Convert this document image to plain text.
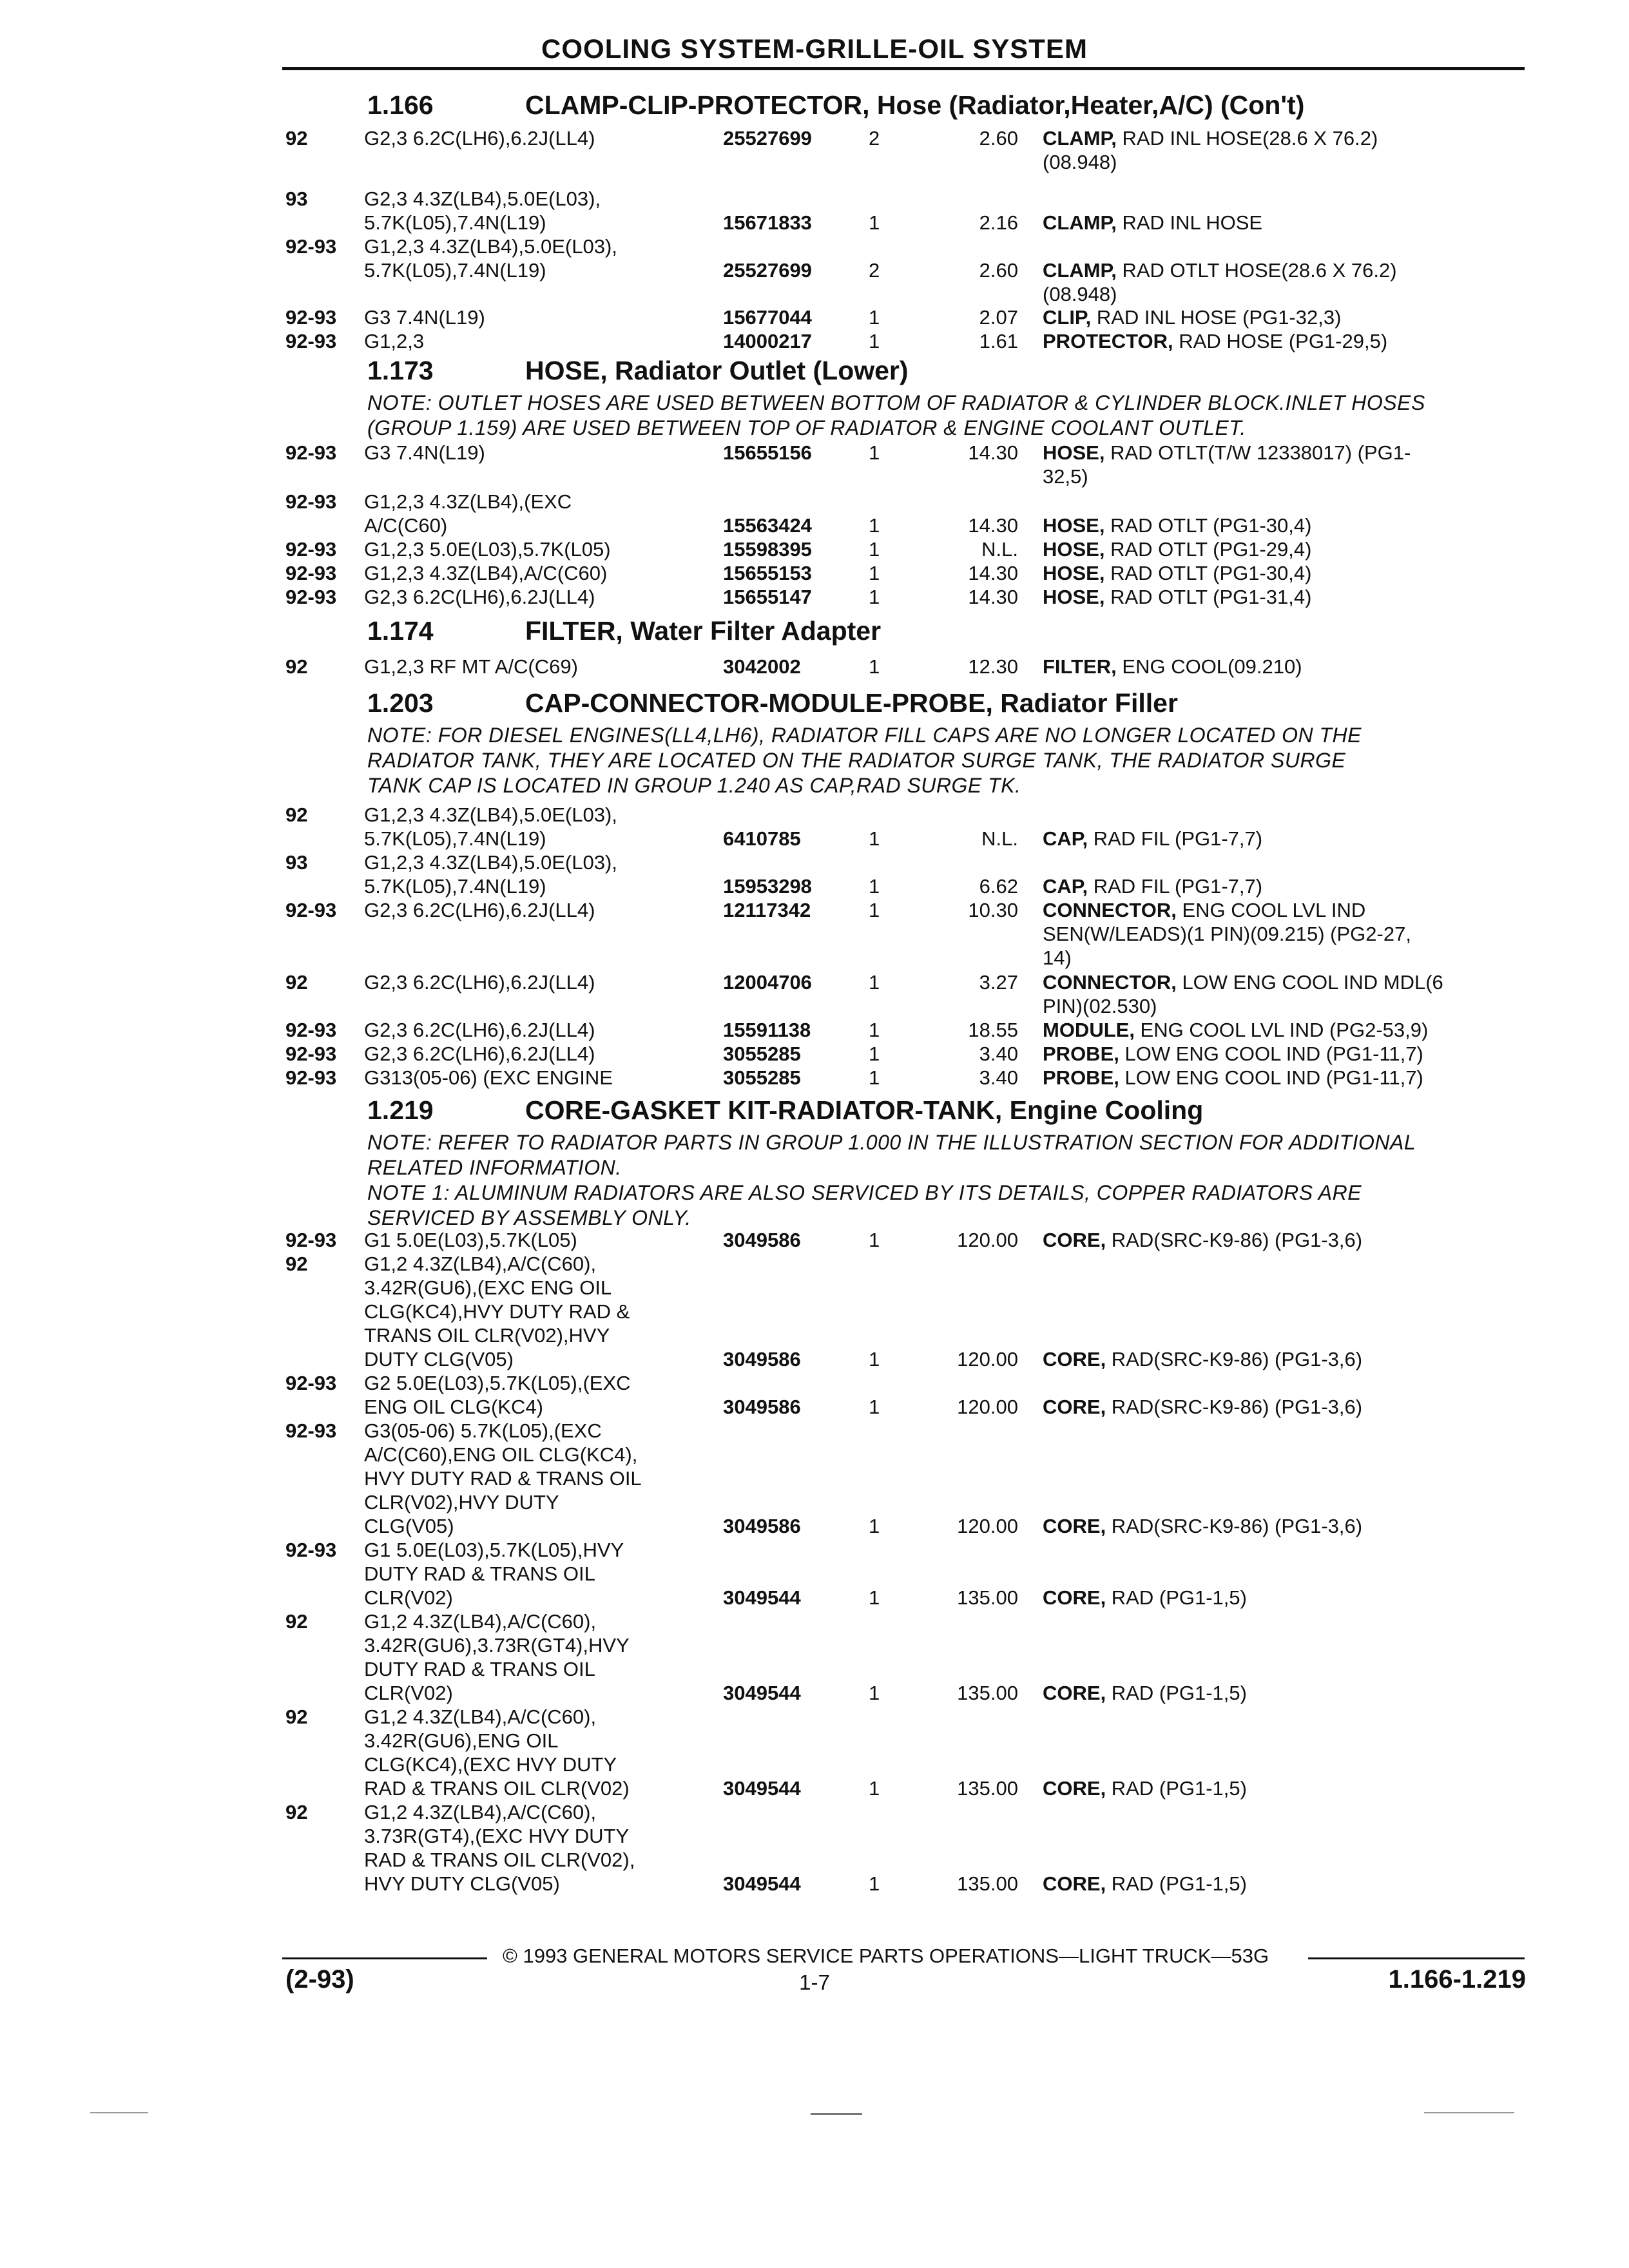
COOLING SYSTEM-GRILLE-OIL SYSTEM
1.166	CLAMP-CLIP-PROTECTOR, Hose (Radiator,Heater,A/C) (Con't)
92	G2,3 6.2C(LH6),6.2J(LL4)	25527699	2	2.60 CLAMP, RAD INL HOSE(28.6 X 76.2)
(08.948)
93	G2,3 4.3Z(LB4),5.0E(L03),
5.7K(L05),7.4N(L19)	15671833	1	2.16 CLAMP, RAD INL HOSE
92-93	G1,2,3 4.3Z(LB4),5.0E(L03),
5.7K(L05),7.4N(L19)	25527699	2	2.60 CLAMP, RAD OTLT HOSE(28.6 X 76.2)
(08.948)
92-93	G3 7.4N(L19)	15677044	1	2.07 CLIP, RAD INL HOSE (PG1-32,3)
92-93	G1,2,3	14000217	1	1.61 PROTECTOR, RAD HOSE (PG1-29,5)
1.173	HOSE, Radiator Outlet (Lower)
NOTE: OUTLET HOSES ARE USED BETWEEN BOTTOM OF RADIATOR & CYLINDER BLOCK.INLET HOSES
(GROUP 1.159) ARE USED BETWEEN TOP OF RADIATOR & ENGINE COOLANT OUTLET.
92-93	G3 7.4N(L19)	15655156	1	14.30 HOSE, RAD OTLT(T/W 12338017) (PG1-
32,5)
92-93	G1,2,3 4.3Z(LB4),(EXC
A/C(C60)	15563424	1	14.30 HOSE, RAD OTLT (PG1-30,4)
92-93	G1,2,3 5.0E(L03),5.7K(L05)	15598395	1	N.L. HOSE, RAD OTLT (PG1-29,4)
92-93	G1,2,3 4.3Z(LB4),A/C(C60)	15655153	1	14.30 HOSE, RAD OTLT (PG1-30,4)
92-93	G2,3 6.2C(LH6),6.2J(LL4)	15655147	1	14.30 HOSE, RAD OTLT (PG1-31,4)
1.174	FILTER, Water Filter Adapter
92	G1,2,3 RF MT A/C(C69)	3042002	1	12.30 FILTER, ENG COOL(09.210)
1.203	CAP-CONNECTOR-MODULE-PROBE, Radiator Filler
NOTE: FOR DIESEL ENGINES(LL4,LH6), RADIATOR FILL CAPS ARE NO LONGER LOCATED ON THE
RADIATOR TANK, THEY ARE LOCATED ON THE RADIATOR SURGE TANK, THE RADIATOR SURGE
TANK CAP IS LOCATED IN GROUP 1.240 AS CAP,RAD SURGE TK.
92	G1,2,3 4.3Z(LB4),5.0E(L03),
5.7K(L05),7.4N(L19)	6410785	1	N.L. CAP, RAD FIL (PG1-7,7)
93	G1,2,3 4.3Z(LB4),5.0E(L03),
5.7K(L05),7.4N(L19)	15953298	1	6.62 CAP, RAD FIL (PG1-7,7)
92-93	G2,3 6.2C(LH6),6.2J(LL4)	12117342	1	10.30 CONNECTOR, ENG COOL LVL IND
SEN(W/LEADS)(1 PIN)(09.215) (PG2-27,
14)
92	G2,3 6.2C(LH6),6.2J(LL4)	12004706	1	3.27 CONNECTOR, LOW ENG COOL IND MDL(6
PIN)(02.530)
92-93	G2,3 6.2C(LH6),6.2J(LL4)	15591138	1	18.55 MODULE, ENG COOL LVL IND (PG2-53,9)
92-93	G2,3 6.2C(LH6),6.2J(LL4)	3055285	1	3.40 PROBE, LOW ENG COOL IND (PG1-11,7)
92-93	G313(05-06) (EXC ENGINE	3055285	1	3.40 PROBE, LOW ENG COOL IND (PG1-11,7)
1.219	CORE-GASKET KIT-RADIATOR-TANK, Engine Cooling
NOTE: REFER TO RADIATOR PARTS IN GROUP 1.000 IN THE ILLUSTRATION SECTION FOR ADDITIONAL
RELATED INFORMATION.
NOTE 1: ALUMINUM RADIATORS ARE ALSO SERVICED BY ITS DETAILS, COPPER RADIATORS ARE
SERVICED BY ASSEMBLY ONLY.
92-93	G1 5.0E(L03),5.7K(L05)	3049586	1	120.00 CORE, RAD(SRC-K9-86) (PG1-3,6)
92	G1,2 4.3Z(LB4),A/C(C60),
3.42R(GU6),(EXC ENG OIL
CLG(KC4),HVY DUTY RAD &
TRANS OIL CLR(V02),HVY
DUTY CLG(V05)	3049586	1	120.00 CORE, RAD(SRC-K9-86) (PG1-3,6)
92-93	G2 5.0E(L03),5.7K(L05),(EXC
ENG OIL CLG(KC4)	3049586	1	120.00 CORE, RAD(SRC-K9-86) (PG1-3,6)
92-93	G3(05-06) 5.7K(L05),(EXC
A/C(C60),ENG OIL CLG(KC4),
HVY DUTY RAD & TRANS OIL
CLR(V02),HVY DUTY
CLG(V05)	3049586	1	120.00 CORE, RAD(SRC-K9-86) (PG1-3,6)
92-93	G1 5.0E(L03),5.7K(L05),HVY
DUTY RAD & TRANS OIL
CLR(V02)	3049544	1	135.00 CORE, RAD (PG1-1,5)
92	G1,2 4.3Z(LB4),A/C(C60),
3.42R(GU6),3.73R(GT4),HVY
DUTY RAD & TRANS OIL
CLR(V02)	3049544	1	135.00 CORE, RAD (PG1-1,5)
92	G1,2 4.3Z(LB4),A/C(C60),
3.42R(GU6),ENG OIL
CLG(KC4),(EXC HVY DUTY
RAD & TRANS OIL CLR(V02)	3049544	1	135.00 CORE, RAD (PG1-1,5)
92	G1,2 4.3Z(LB4),A/C(C60),
3.73R(GT4),(EXC HVY DUTY
RAD & TRANS OIL CLR(V02),
HVY DUTY CLG(V05)	3049544	1	135.00 CORE, RAD (PG1-1,5)
© 1993 GENERAL MOTORS SERVICE PARTS OPERATIONS—LIGHT TRUCK—53G
(2-93)	1-7	1.166-1.219
